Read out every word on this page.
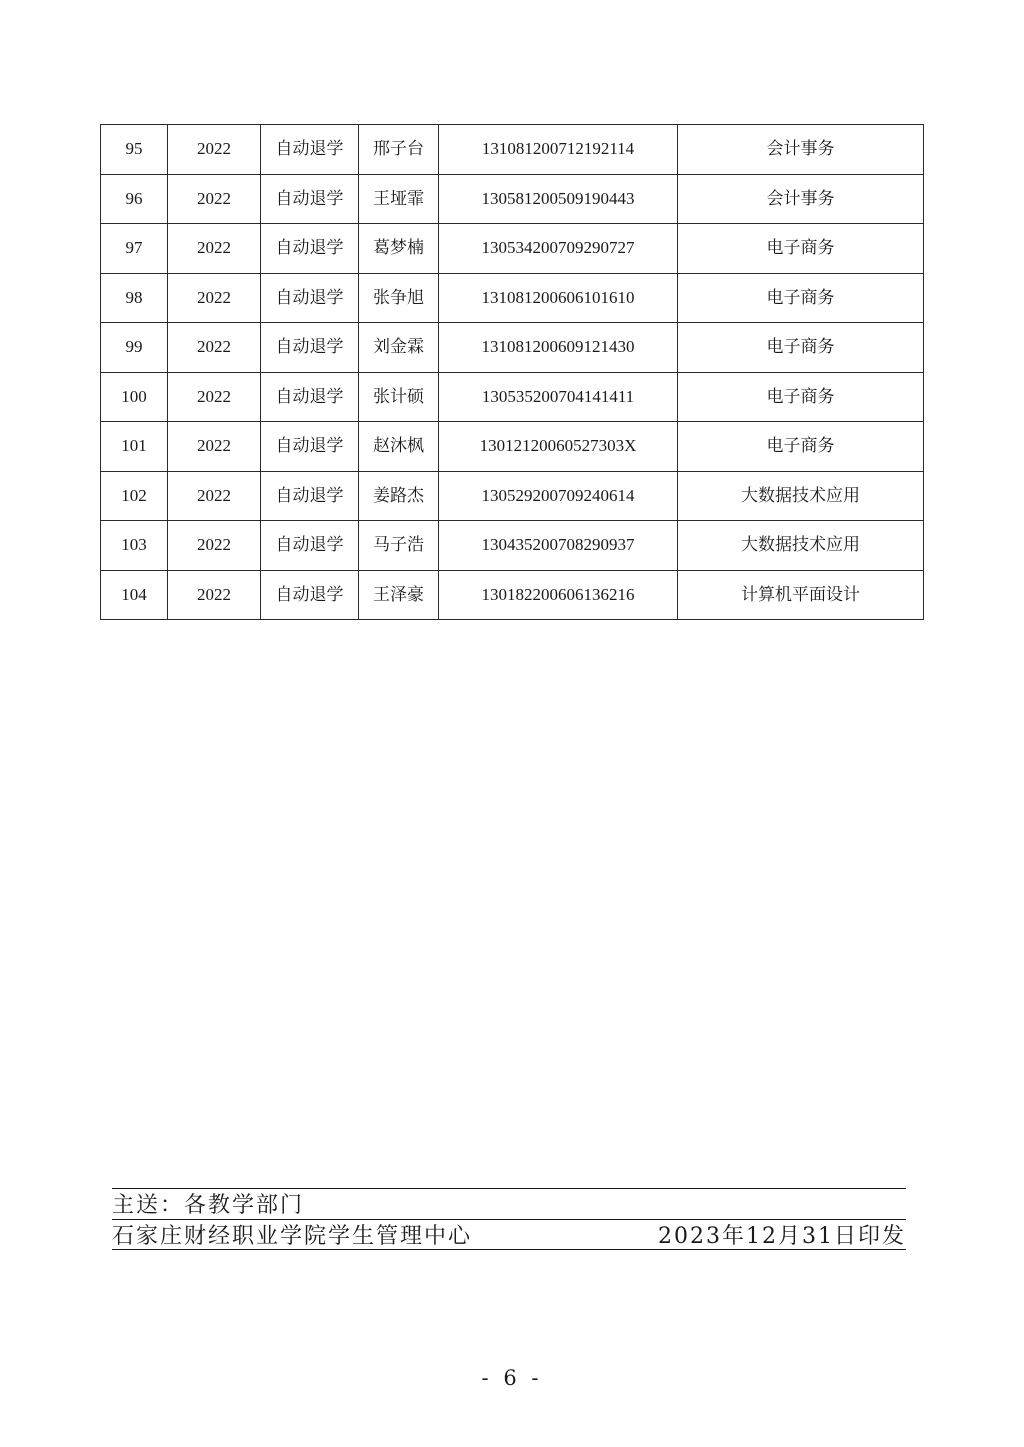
95	2022	自动退学	邢子台	131081200712192114	会计事务
96	2022	自动退学	王垭霏	130581200509190443	会计事务
97	2022	自动退学	葛梦楠	130534200709290727	电子商务
98	2022	自动退学	张争旭	131081200606101610	电子商务
99	2022	自动退学	刘金霖	131081200609121430	电子商务
100	2022	自动退学	张计硕	130535200704141411	电子商务
101	2022	自动退学	赵沐枫	13012120060527303X	电子商务
102	2022	自动退学	姜路杰	130529200709240614	大数据技术应用
103	2022	自动退学	马子浩	130435200708290937	大数据技术应用
104	2022	自动退学	王泽豪	130182200606136216	计算机平面设计
主送：各教学部门
石家庄财经职业学院学生管理中心	2023年12月31日印发
- 6 -
